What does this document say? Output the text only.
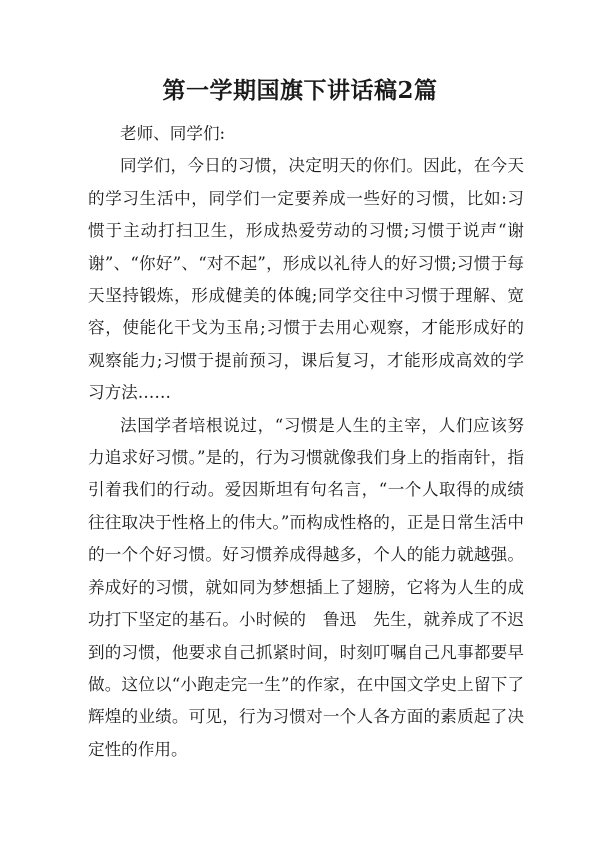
第一学期国旗下讲话稿2篇

老师、同学们:

同学们，今日的习惯，决定明天的你们。因此，在今天的学习生活中，同学们一定要养成一些好的习惯，比如:习惯于主动打扫卫生，形成热爱劳动的习惯;习惯于说声“谢谢”、“你好”、“对不起”，形成以礼待人的好习惯;习惯于每天坚持锻炼，形成健美的体魄;同学交往中习惯于理解、宽容，使能化干戈为玉帛;习惯于去用心观察，才能形成好的观察能力;习惯于提前预习，课后复习，才能形成高效的学习方法……

法国学者培根说过，“习惯是人生的主宰，人们应该努力追求好习惯。”是的，行为习惯就像我们身上的指南针，指引着我们的行动。爱因斯坦有句名言，“一个人取得的成绩往往取决于性格上的伟大。”而构成性格的，正是日常生活中的一个个好习惯。好习惯养成得越多，个人的能力就越强。养成好的习惯，就如同为梦想插上了翅膀，它将为人生的成功打下坚定的基石。小时候的　鲁迅　先生，就养成了不迟到的习惯，他要求自己抓紧时间，时刻叮嘱自己凡事都要早做。这位以“小跑走完一生”的作家，在中国文学史上留下了辉煌的业绩。可见，行为习惯对一个人各方面的素质起了决定性的作用。
